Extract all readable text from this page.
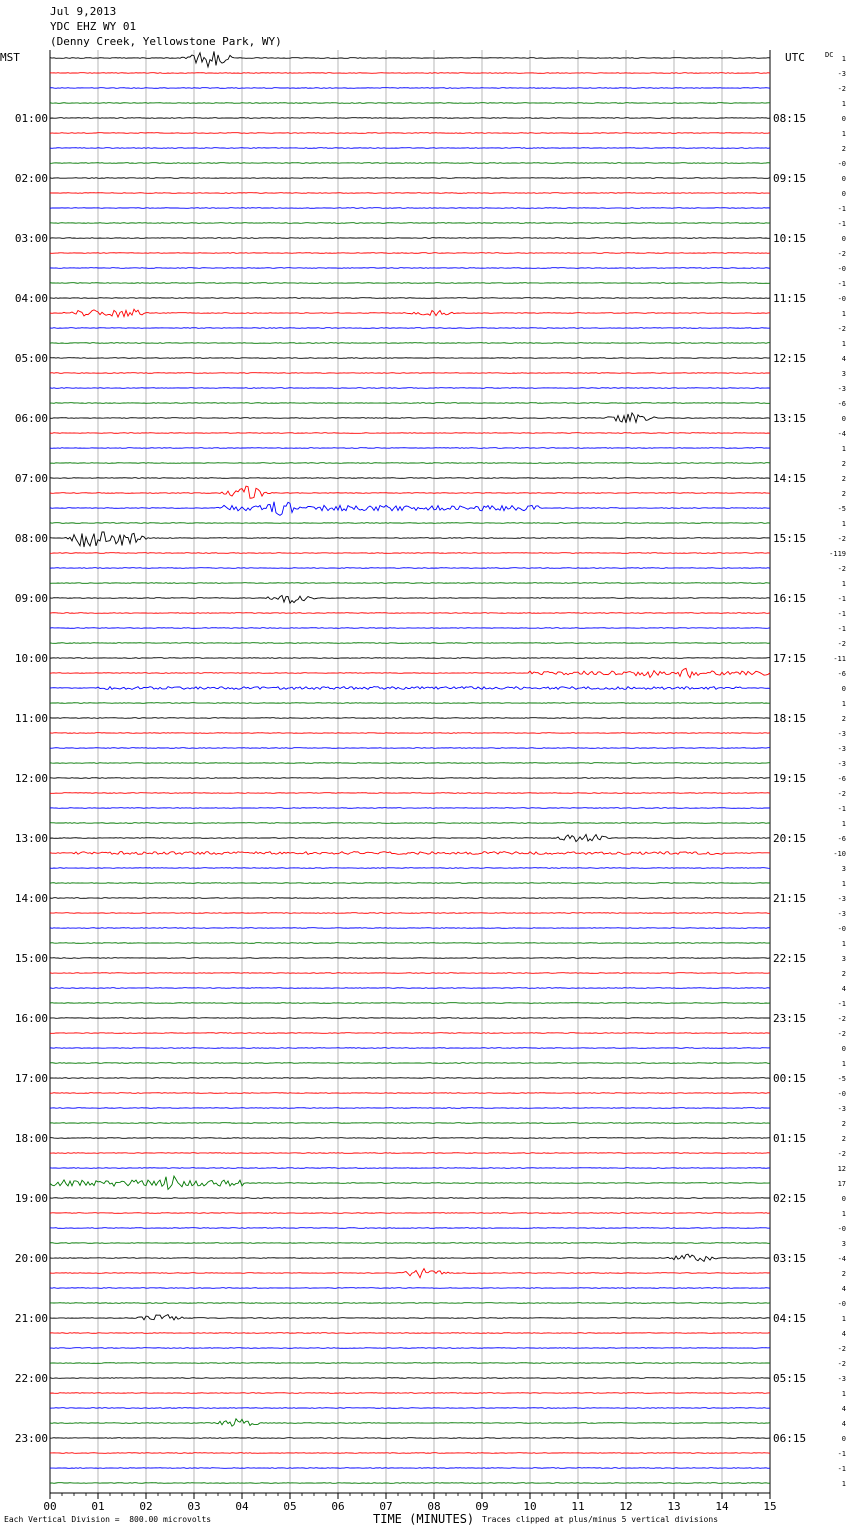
Jul 9,2013
YDC EHZ WY 01
(Denny Creek, Yellowstone Park, WY)
MST	UTC	DC
00	01	02	03	04	05	06	07	08	09	10	11	12	13	14	15
01:00	08:15
02:00	09:15
03:00	10:15
04:00	11:15
05:00	12:15
06:00	13:15
07:00	14:15
08:00	15:15
09:00	16:15
10:00	17:15
11:00	18:15
12:00	19:15
13:00	20:15
14:00	21:15
15:00	22:15
16:00	23:15
17:00	00:15
18:00	01:15
19:00	02:15
20:00	03:15
21:00	04:15
22:00	05:15
23:00	06:15
1
-3
-2
1
0
1
2
-0
0
0
-1
-1
0
-2
-0
-1
-0
1
-2
1
4
3
-3
-6
0
-4
1
2
2
2
-5
1
-2
-119
-2
1
-1
-1
-1
-2
-11
-6
0
1
2
-3
-3
-3
-6
-2
-1
1
-6
-10
3
1
-3
-3
-0
1
3
2
4
-1
-2
-2
0
1
-5
-0
-3
2
2
-2
12
17
0
1
-0
3
-4
2
4
-0
1
4
-2
-2
-3
1
4
4
0
-1
-1
1
Each Vertical Division =  800.00 microvolts	TIME (MINUTES) Traces clipped at plus/minus 5 vertical divisions
